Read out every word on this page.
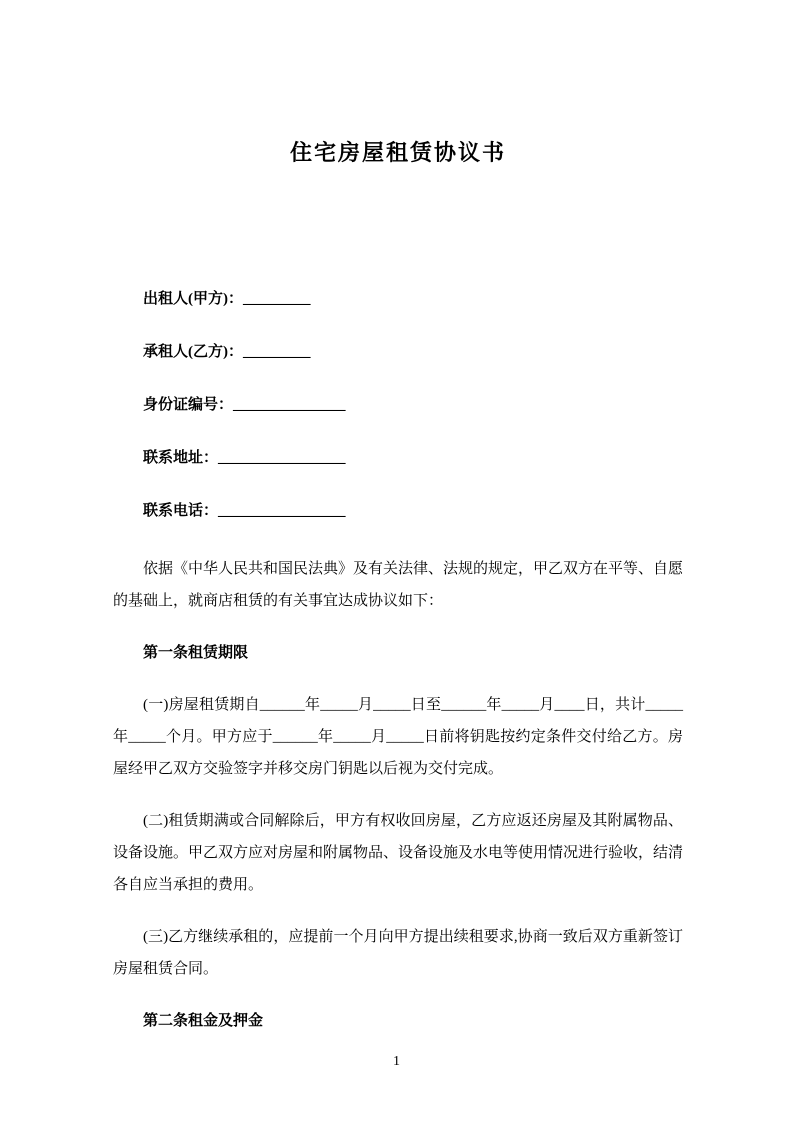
住宅房屋租赁协议书

出租人(甲方)：_________

承租人(乙方)：_________

身份证编号：_______________

联系地址：_________________

联系电话：_________________

依据《中华人民共和国民法典》及有关法律、法规的规定，甲乙双方在平等、自愿的基础上，就商店租赁的有关事宜达成协议如下：

第一条租赁期限

(一)房屋租赁期自______年_____月_____日至______年_____月____日，共计_____年_____个月。甲方应于______年_____月_____日前将钥匙按约定条件交付给乙方。房屋经甲乙双方交验签字并移交房门钥匙以后视为交付完成。

(二)租赁期满或合同解除后，甲方有权收回房屋，乙方应返还房屋及其附属物品、设备设施。甲乙双方应对房屋和附属物品、设备设施及水电等使用情况进行验收，结清各自应当承担的费用。

(三)乙方继续承租的，应提前一个月向甲方提出续租要求,协商一致后双方重新签订房屋租赁合同。

第二条租金及押金

1
